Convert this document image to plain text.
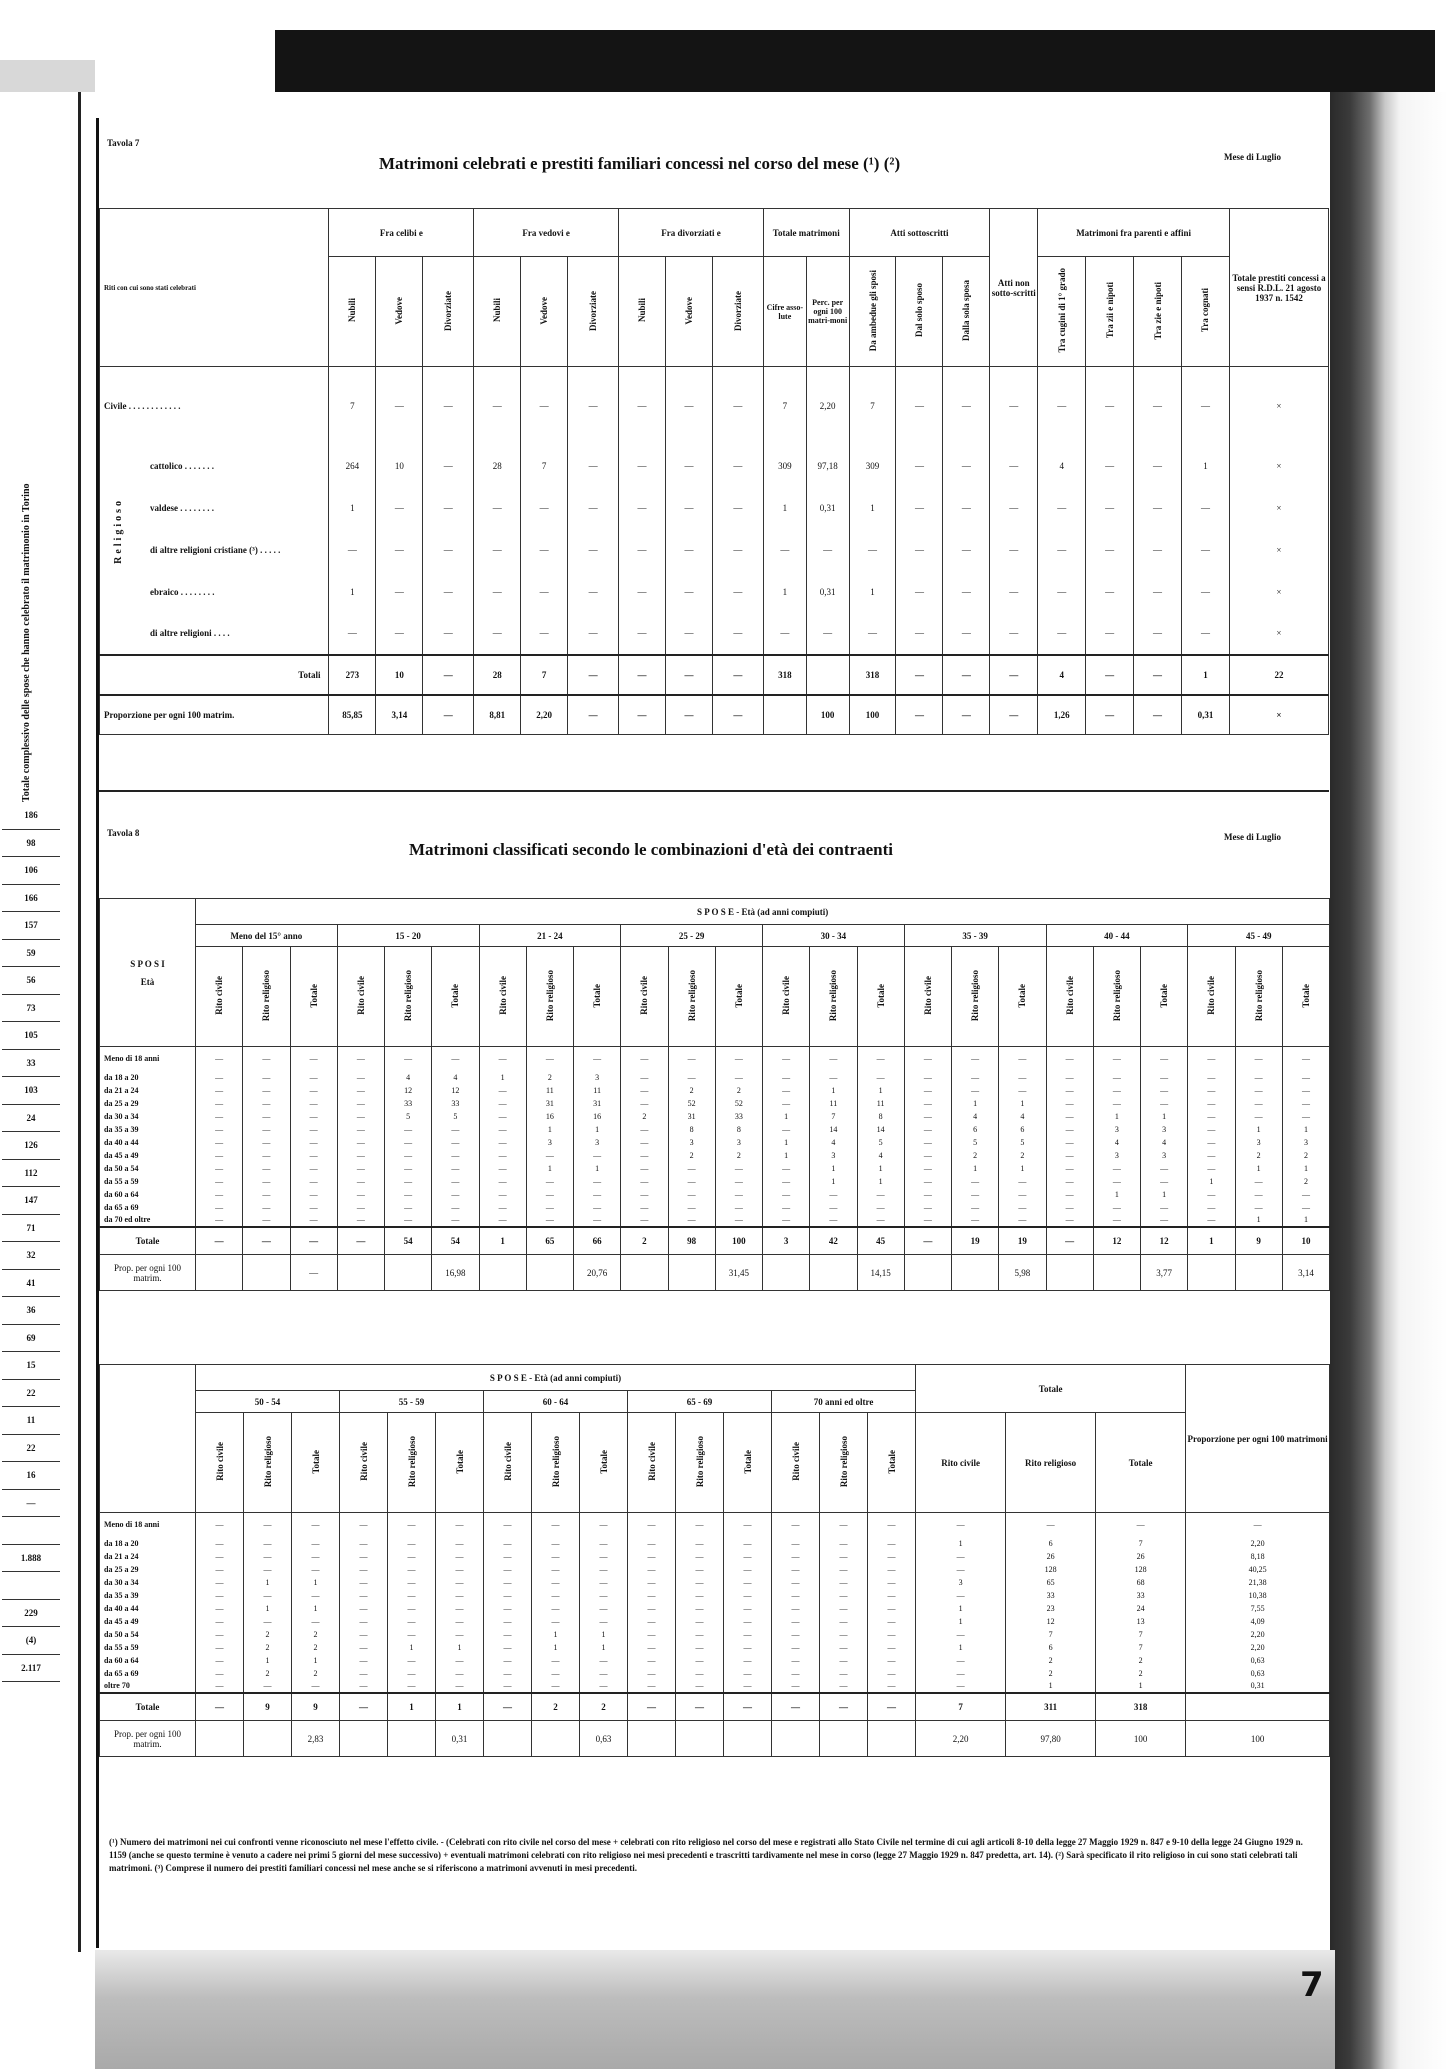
7
Totale complessivo delle spose che hanno celebrato il matrimonio in Torino
186
98
106
166
157
59
56
73
105
33
103
24
126
112
147
71
32
41
36
69
15
22
11
22
16
—
1.888
229
(4)
2.117
Tavola 7
Matrimoni celebrati e prestiti familiari concessi nel corso del mese (¹) (²)	Mese di Luglio
Riti con cui sono stati celebrati	Fra celibi e			Fra vedovi e			Fra divorziati e			Totale matrimoni		Atti sottoscritti			Atti non sotto-scritti	Matrimoni fra parenti e affini				Totale prestiti concessi a sensi R.D.L. 21 agosto 1937 n. 1542
	Nubili	Vedove	Divorziate	Nubili	Vedove	Divorziate	Nubili	Vedove	Divorziate	Cifre asso-lute	Perc. per ogni 100 matri-moni	Da ambedue gli sposi	Dal solo sposo	Dalla sola sposa		Tra cugini di 1° grado	Tra zii e nipoti	Tra zie e nipoti	Tra cognati	
Civile . . . . . . . . . . . .	7	—	—	—	—	—	—	—	—	7	2,20	7	—	—	—	—	—	—	—	×
cattolico . . . . . . .	264	10	—	28	7	—	—	—	—	309	97,18	309	—	—	—	4	—	—	1	×
valdese . . . . . . . .	1	—	—	—	—	—	—	—	—	1	0,31	1	—	—	—	—	—	—	—	×
di altre religioni cristiane (³) . . . . .	—	—	—	—	—	—	—	—	—	—	—	—	—	—	—	—	—	—	—	×
ebraico . . . . . . . .	1	—	—	—	—	—	—	—	—	1	0,31	1	—	—	—	—	—	—	—	×
di altre religioni . . . .	—	—	—	—	—	—	—	—	—	—	—	—	—	—	—	—	—	—	—	×
Totali	273	10	—	28	7	—	—	—	—	318		318	—	—	—	4	—	—	1	22
Proporzione per ogni 100 matrim.	85,85	3,14	—	8,81	2,20	—	—	—	—		100	100	—	—	—	1,26	—	—	0,31	×
Tavola 8
Matrimoni classificati secondo le combinazioni d'età dei contraenti
Mese di Luglio
S P O S I
Età	S P O S E - Età (ad anni compiuti)																							
	Meno del 15° anno			15 - 20			21 - 24			25 - 29			30 - 34			35 - 39			40 - 44			45 - 49		
	Rito civile	Rito religioso	Totale	Rito civile	Rito religioso	Totale	Rito civile	Rito religioso	Totale	Rito civile	Rito religioso	Totale	Rito civile	Rito religioso	Totale	Rito civile	Rito religioso	Totale	Rito civile	Rito religioso	Totale	Rito civile	Rito religioso	Totale
Meno di 18 anni	—	—	—	—	—	—	—	—	—	—	—	—	—	—	—	—	—	—	—	—	—	—	—	—
da 18 a 20	—	—	—	—	4	4	1	2	3	—	—	—	—	—	—	—	—	—	—	—	—	—	—	—
da 21 a 24	—	—	—	—	12	12	—	11	11	—	2	2	—	1	1	—	—	—	—	—	—	—	—	—
da 25 a 29	—	—	—	—	33	33	—	31	31	—	52	52	—	11	11	—	1	1	—	—	—	—	—	—
da 30 a 34	—	—	—	—	5	5	—	16	16	2	31	33	1	7	8	—	4	4	—	1	1	—	—	—
da 35 a 39	—	—	—	—	—	—	—	1	1	—	8	8	—	14	14	—	6	6	—	3	3	—	1	1
da 40 a 44	—	—	—	—	—	—	—	3	3	—	3	3	1	4	5	—	5	5	—	4	4	—	3	3
da 45 a 49	—	—	—	—	—	—	—	—	—	—	2	2	1	3	4	—	2	2	—	3	3	—	2	2
da 50 a 54	—	—	—	—	—	—	—	1	1	—	—	—	—	1	1	—	1	1	—	—	—	—	1	1
da 55 a 59	—	—	—	—	—	—	—	—	—	—	—	—	—	1	1	—	—	—	—	—	—	1	—	2
da 60 a 64	—	—	—	—	—	—	—	—	—	—	—	—	—	—	—	—	—	—	—	1	1	—	—	—
da 65 a 69	—	—	—	—	—	—	—	—	—	—	—	—	—	—	—	—	—	—	—	—	—	—	—	—
da 70 ed oltre	—	—	—	—	—	—	—	—	—	—	—	—	—	—	—	—	—	—	—	—	—	—	1	1
Totale	—	—	—	—	54	54	1	65	66	2	98	100	3	42	45	—	19	19	—	12	12	1	9	10
Prop. per ogni 100 matrim.			—			16,98			20,76			31,45			14,15			5,98			3,77			3,14
	S P O S E - Età (ad anni compiuti)															Totale			Proporzione per ogni 100 matrimoni
	50 - 54			55 - 59			60 - 64			65 - 69			70 anni ed oltre						
	Rito civile	Rito religioso	Totale	Rito civile	Rito religioso	Totale	Rito civile	Rito religioso	Totale	Rito civile	Rito religioso	Totale	Rito civile	Rito religioso	Totale	Rito civile	Rito religioso	Totale	
Meno di 18 anni	—	—	—	—	—	—	—	—	—	—	—	—	—	—	—	—	—	—	—
da 18 a 20	—	—	—	—	—	—	—	—	—	—	—	—	—	—	—	1	6	7	2,20
da 21 a 24	—	—	—	—	—	—	—	—	—	—	—	—	—	—	—	—	26	26	8,18
da 25 a 29	—	—	—	—	—	—	—	—	—	—	—	—	—	—	—	—	128	128	40,25
da 30 a 34	—	1	1	—	—	—	—	—	—	—	—	—	—	—	—	3	65	68	21,38
da 35 a 39	—	—	—	—	—	—	—	—	—	—	—	—	—	—	—	—	33	33	10,38
da 40 a 44	—	1	1	—	—	—	—	—	—	—	—	—	—	—	—	1	23	24	7,55
da 45 a 49	—	—	—	—	—	—	—	—	—	—	—	—	—	—	—	1	12	13	4,09
da 50 a 54	—	2	2	—	—	—	—	1	1	—	—	—	—	—	—	—	7	7	2,20
da 55 a 59	—	2	2	—	1	1	—	1	1	—	—	—	—	—	—	1	6	7	2,20
da 60 a 64	—	1	1	—	—	—	—	—	—	—	—	—	—	—	—	—	2	2	0,63
da 65 a 69	—	2	2	—	—	—	—	—	—	—	—	—	—	—	—	—	2	2	0,63
oltre 70	—	—	—	—	—	—	—	—	—	—	—	—	—	—	—	—	1	1	0,31
Totale	—	9	9	—	1	1	—	2	2	—	—	—	—	—	—	7	311	318	
Prop. per ogni 100 matrim.			2,83			0,31			0,63							2,20	97,80	100	100
(¹) Numero dei matrimoni nei cui confronti venne riconosciuto nel mese l'effetto civile. - (Celebrati con rito civile nel corso del mese + celebrati con rito religioso nel corso del mese e registrati allo Stato Civile nel termine di cui agli articoli 8-10 della legge 27 Maggio 1929 n. 847 e 9-10 della legge 24 Giugno 1929 n. 1159 (anche se questo termine è venuto a cadere nei primi 5 giorni del mese successivo) + eventuali matrimoni celebrati con rito religioso nei mesi precedenti e trascritti tardivamente nel mese in corso (legge 27 Maggio 1929 n. 847 predetta, art. 14). (²) Sarà specificato il rito religioso in cui sono stati celebrati tali matrimoni. (³) Comprese il numero dei prestiti familiari concessi nel mese anche se si riferiscono a matrimoni avvenuti in mesi precedenti.
Religioso
